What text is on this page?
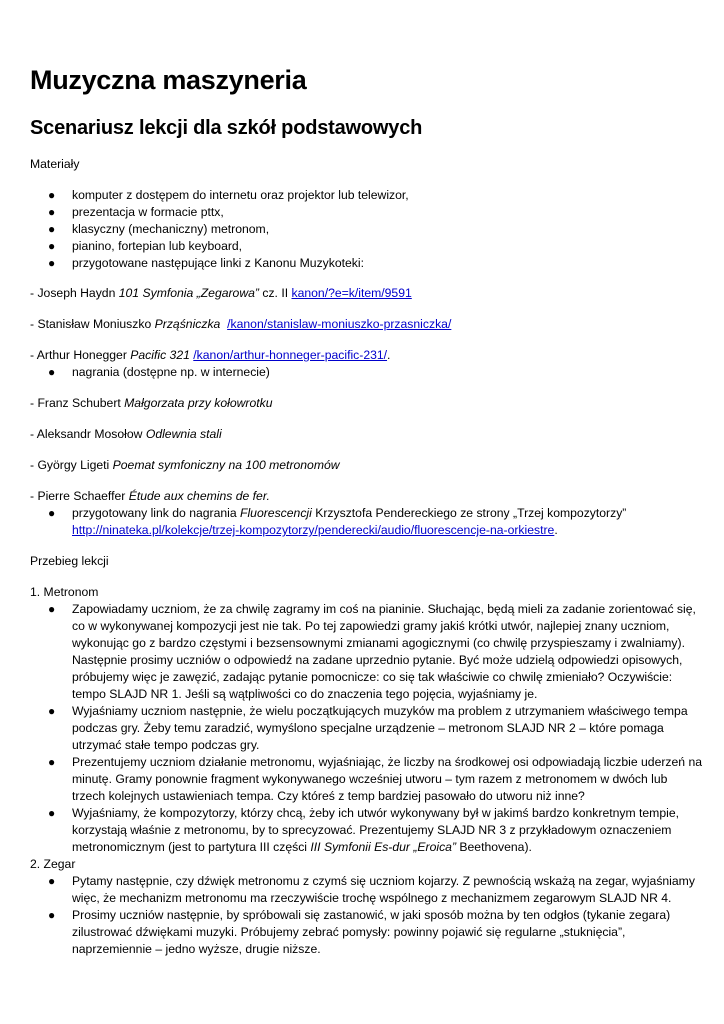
Muzyczna maszyneria
Scenariusz lekcji dla szkół podstawowych

Materiały

● komputer z dostępem do internetu oraz projektor lub telewizor,
● prezentacja w formacie pttx,
● klasyczny (mechaniczny) metronom,
● pianino, fortepian lub keyboard,
● przygotowane następujące linki z Kanonu Muzykoteki:

- Joseph Haydn 101 Symfonia „Zegarowa” cz. II kanon/?e=k/item/9591

- Stanisław Moniuszko Prząśniczka /kanon/stanislaw-moniuszko-przasniczka/

- Arthur Honegger Pacific 321 /kanon/arthur-honneger-pacific-231/.

● nagrania (dostępne np. w internecie)

- Franz Schubert Małgorzata przy kołowrotku

- Aleksandr Mosołow Odlewnia stali

- György Ligeti Poemat symfoniczny na 100 metronomów

- Pierre Schaeffer Étude aux chemins de fer.

● przygotowany link do nagrania Fluorescencji Krzysztofa Pendereckiego ze strony „Trzej kompozytorzy”
http://ninateka.pl/kolekcje/trzej-kompozytorzy/penderecki/audio/fluorescencje-na-orkiestre.

Przebieg lekcji

1. Metronom

● Zapowiadamy uczniom, że za chwilę zagramy im coś na pianinie. Słuchając, będą mieli za zadanie zorientować się, co w wykonywanej kompozycji jest nie tak. Po tej zapowiedzi gramy jakiś krótki utwór, najlepiej znany uczniom, wykonując go z bardzo częstymi i bezsensownymi zmianami agogicznymi (co chwilę przyspieszamy i zwalniamy). Następnie prosimy uczniów o odpowiedź na zadane uprzednio pytanie. Być może udzielą odpowiedzi opisowych, próbujemy więc je zawęzić, zadając pytanie pomocnicze: co się tak właściwie co chwilę zmieniało? Oczywiście: tempo SLAJD NR 1. Jeśli są wątpliwości co do znaczenia tego pojęcia, wyjaśniamy je.
● Wyjaśniamy uczniom następnie, że wielu początkujących muzyków ma problem z utrzymaniem właściwego tempa podczas gry. Żeby temu zaradzić, wymyślono specjalne urządzenie – metronom SLAJD NR 2 – które pomaga utrzymać stałe tempo podczas gry.
● Prezentujemy uczniom działanie metronomu, wyjaśniając, że liczby na środkowej osi odpowiadają liczbie uderzeń na minutę. Gramy ponownie fragment wykonywanego wcześniej utworu – tym razem z metronomem w dwóch lub trzech kolejnych ustawieniach tempa. Czy któreś z temp bardziej pasowało do utworu niż inne?
● Wyjaśniamy, że kompozytorzy, którzy chcą, żeby ich utwór wykonywany był w jakimś bardzo konkretnym tempie, korzystają właśnie z metronomu, by to sprecyzować. Prezentujemy SLAJD NR 3 z przykładowym oznaczeniem metronomicznym (jest to partytura III części III Symfonii Es-dur „Eroica” Beethovena).

2. Zegar

● Pytamy następnie, czy dźwięk metronomu z czymś się uczniom kojarzy. Z pewnością wskażą na zegar, wyjaśniamy więc, że mechanizm metronomu ma rzeczywiście trochę wspólnego z mechanizmem zegarowym SLAJD NR 4.
● Prosimy uczniów następnie, by spróbowali się zastanowić, w jaki sposób można by ten odgłos (tykanie zegara) zilustrować dźwiękami muzyki. Próbujemy zebrać pomysły: powinny pojawić się regularne „stuknięcia”, naprzemiennie – jedno wyższe, drugie niższe.
